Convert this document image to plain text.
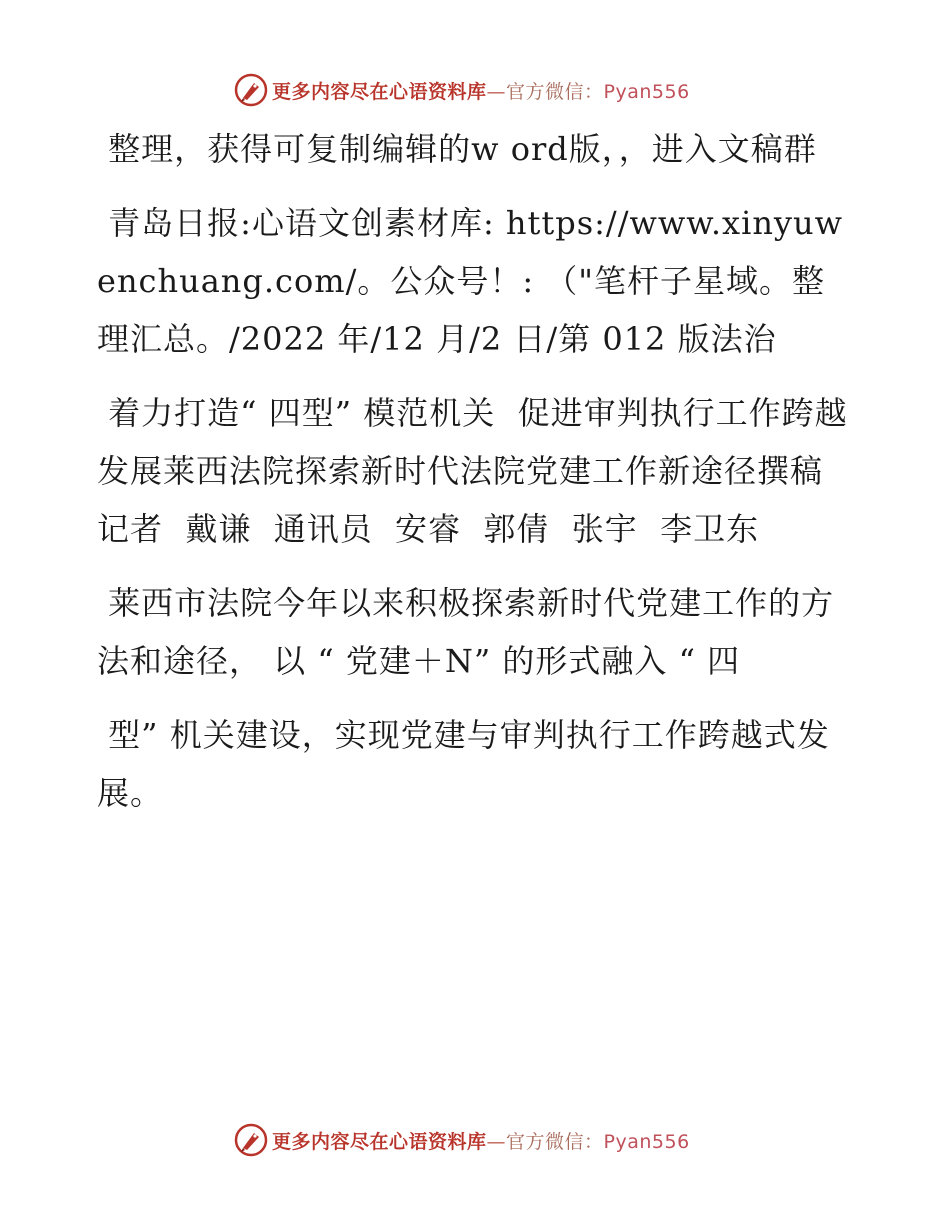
更多内容尽在心语资料库—官方微信：Pyan556

整理，获得可复制编辑的w ord版，，进入文稿群

青岛日报:心语文创素材库: https://www.xinyuwenchuang.com/。公众号！: （"笔杆子星域。整理汇总。/2022 年/12 月/2 日/第 012 版法治

着力打造“ 四型” 模范机关  促进审判执行工作跨越发展莱西法院探索新时代法院党建工作新途径撰稿  记者  戴谦  通讯员  安睿  郭倩  张宇  李卫东

莱西市法院今年以来积极探索新时代党建工作的方法和途径， 以 “ 党建＋N” 的形式融入 “ 四

型” 机关建设，实现党建与审判执行工作跨越式发展。

更多内容尽在心语资料库—官方微信：Pyan556
